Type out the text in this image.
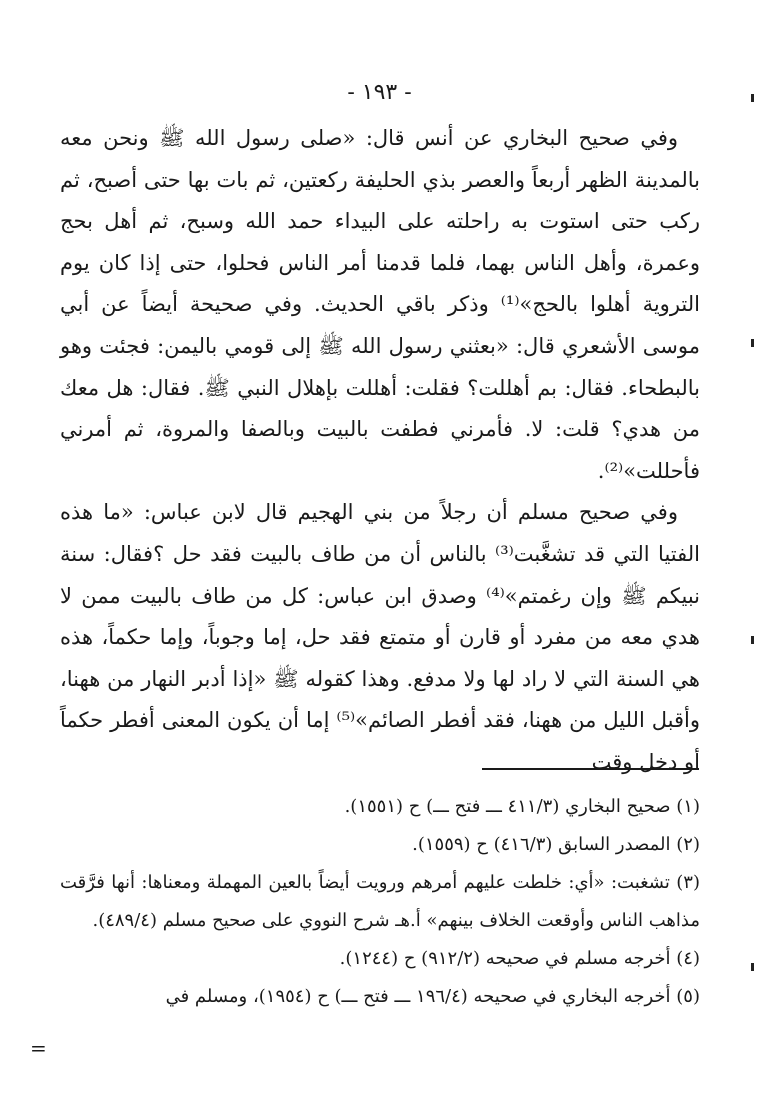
- ١٩٣ -

وفي صحيح البخاري عن أنس قال: «صلى رسول الله ﷺ ونحن معه بالمدينة الظهر أربعاً والعصر بذي الحليفة ركعتين، ثم بات بها حتى أصبح، ثم ركب حتى استوت به راحلته على البيداء حمد الله وسبح، ثم أهل بحج وعمرة، وأهل الناس بهما، فلما قدمنا أمر الناس فحلوا، حتى إذا كان يوم التروية أهلوا بالحج»⁽¹⁾ وذكر باقي الحديث. وفي صحيحة أيضاً عن أبي موسى الأشعري قال: «بعثني رسول الله ﷺ إلى قومي باليمن: فجئت وهو بالبطحاء. فقال: بم أهللت؟ فقلت: أهللت بإهلال النبي ﷺ. فقال: هل معك من هدي؟ قلت: لا. فأمرني فطفت بالبيت وبالصفا والمروة، ثم أمرني فأحللت»⁽²⁾.

وفي صحيح مسلم أن رجلاً من بني الهجيم قال لابن عباس: «ما هذه الفتيا التي قد تشغَّبت⁽³⁾ بالناس أن من طاف بالبيت فقد حل ؟فقال: سنة نبيكم ﷺ وإن رغمتم»⁽⁴⁾ وصدق ابن عباس: كل من طاف بالبيت ممن لا هدي معه من مفرد أو قارن أو متمتع فقد حل، إما وجوباً، وإما حكماً، هذه هي السنة التي لا راد لها ولا مدفع. وهذا كقوله ﷺ «إذا أدبر النهار من ههنا، وأقبل الليل من ههنا، فقد أفطر الصائم»⁽⁵⁾ إما أن يكون المعنى أفطر حكماً أو دخل وقت

(١) صحيح البخاري (٤١١/٣ ـــ فتح ـــ) ح (١٥٥١).

(٢) المصدر السابق (٤١٦/٣) ح (١٥٥٩).

(٣) تشغبت: «أي: خلطت عليهم أمرهم ورويت أيضاً بالعين المهملة ومعناها: أنها فرَّقت مذاهب الناس وأوقعت الخلاف بينهم» أ.هـ شرح النووي على صحيح مسلم (٤٨٩/٤).

(٤) أخرجه مسلم في صحيحه (٩١٢/٢) ح (١٢٤٤).

(٥) أخرجه البخاري في صحيحه (١٩٦/٤ ـــ فتح ـــ) ح (١٩٥٤)، ومسلم في

=
